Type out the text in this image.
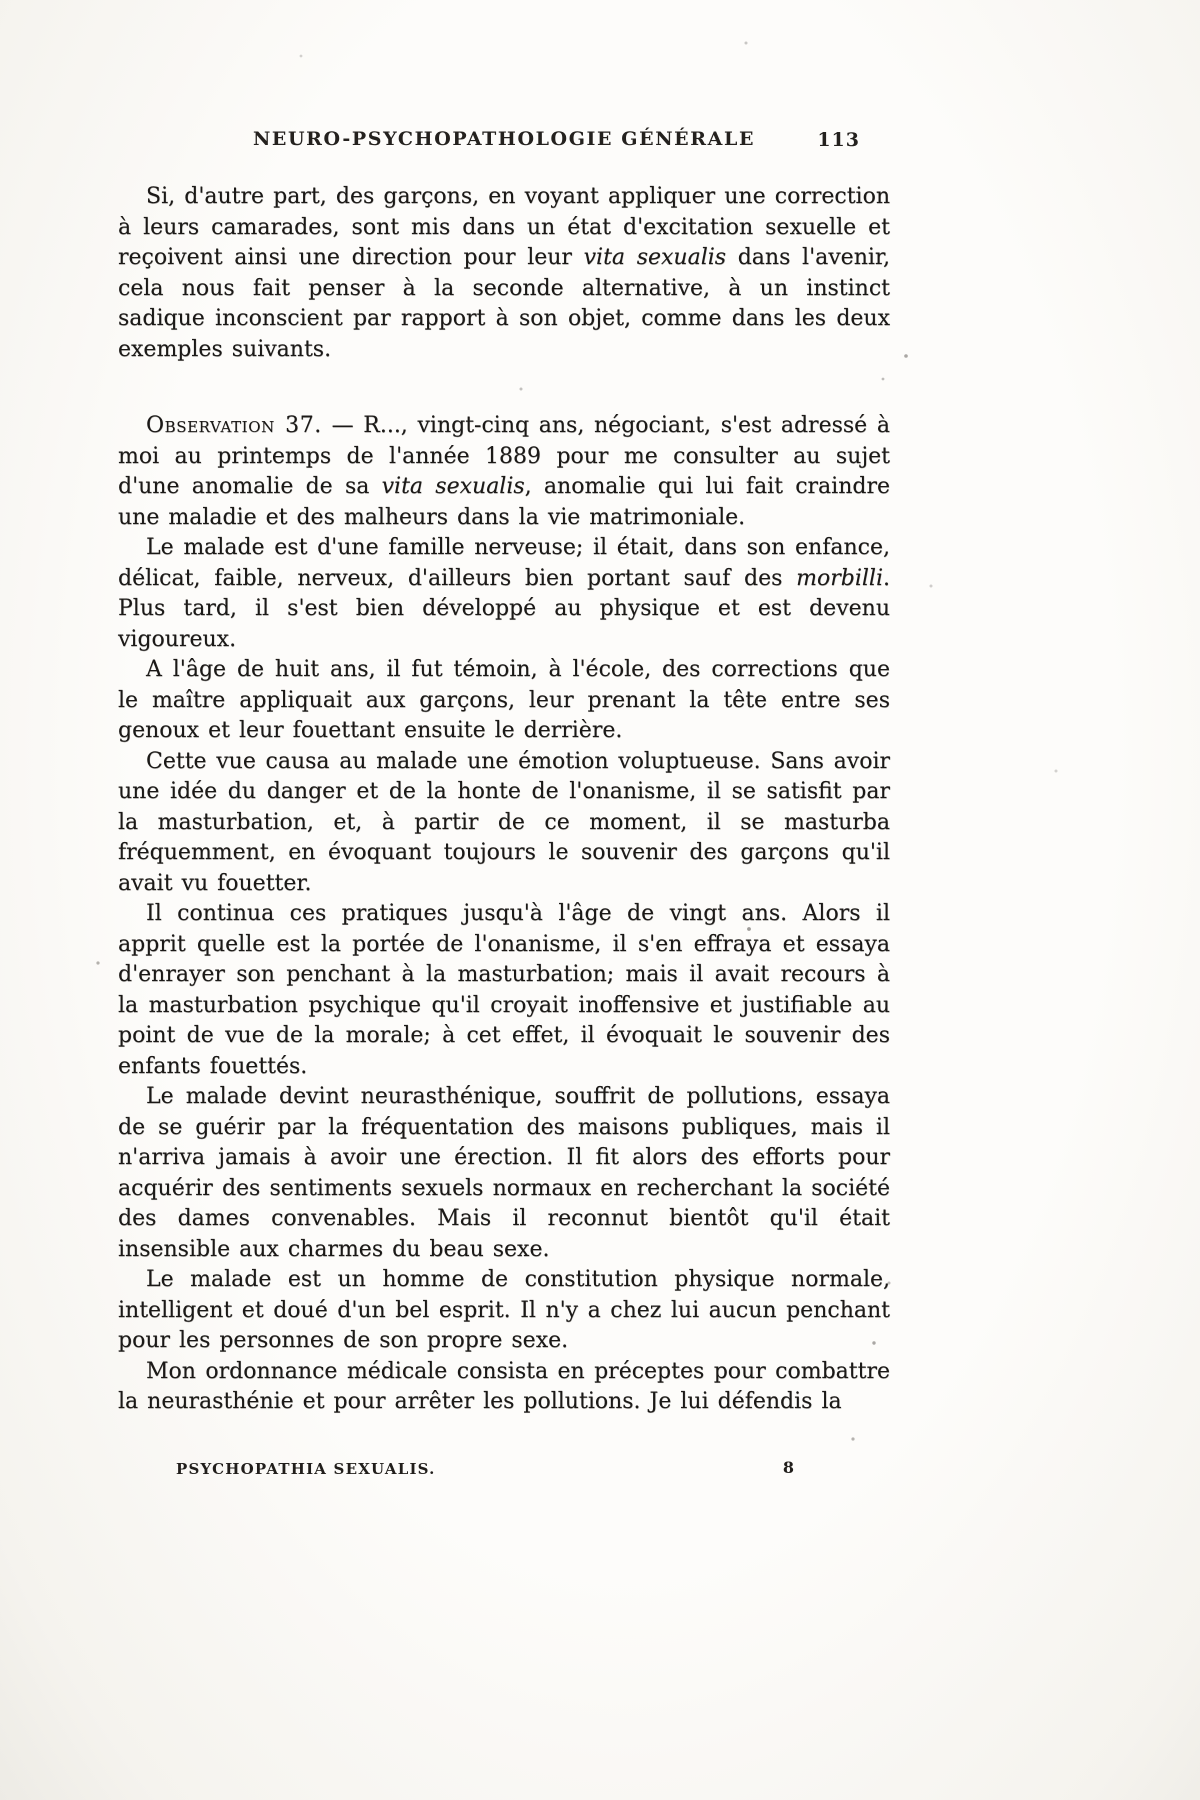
NEURO-PSYCHOPATHOLOGIE GÉNÉRALE	113

Si, d'autre part, des garçons, en voyant appliquer une correction à leurs camarades, sont mis dans un état d'excitation sexuelle et reçoivent ainsi une direction pour leur vita sexualis dans l'avenir, cela nous fait penser à la seconde alternative, à un instinct sadique inconscient par rapport à son objet, comme dans les deux exemples suivants.

Observation 37. — R..., vingt-cinq ans, négociant, s'est adressé à moi au printemps de l'année 1889 pour me consulter au sujet d'une anomalie de sa vita sexualis, anomalie qui lui fait craindre une maladie et des malheurs dans la vie matrimoniale.

Le malade est d'une famille nerveuse; il était, dans son enfance, délicat, faible, nerveux, d'ailleurs bien portant sauf des morbilli. Plus tard, il s'est bien développé au physique et est devenu vigoureux.

A l'âge de huit ans, il fut témoin, à l'école, des corrections que le maître appliquait aux garçons, leur prenant la tête entre ses genoux et leur fouettant ensuite le derrière.

Cette vue causa au malade une émotion voluptueuse. Sans avoir une idée du danger et de la honte de l'onanisme, il se satisfit par la masturbation, et, à partir de ce moment, il se masturba fréquemment, en évoquant toujours le souvenir des garçons qu'il avait vu fouetter.

Il continua ces pratiques jusqu'à l'âge de vingt ans. Alors il apprit quelle est la portée de l'onanisme, il s'en effraya et essaya d'enrayer son penchant à la masturbation; mais il avait recours à la masturbation psychique qu'il croyait inoffensive et justifiable au point de vue de la morale; à cet effet, il évoquait le souvenir des enfants fouettés.

Le malade devint neurasthénique, souffrit de pollutions, essaya de se guérir par la fréquentation des maisons publiques, mais il n'arriva jamais à avoir une érection. Il fit alors des efforts pour acquérir des sentiments sexuels normaux en recherchant la société des dames convenables. Mais il reconnut bientôt qu'il était insensible aux charmes du beau sexe.

Le malade est un homme de constitution physique normale, intelligent et doué d'un bel esprit. Il n'y a chez lui aucun penchant pour les personnes de son propre sexe.

Mon ordonnance médicale consista en préceptes pour combattre la neurasthénie et pour arrêter les pollutions. Je lui défendis la

PSYCHOPATHIA SEXUALIS.	8
